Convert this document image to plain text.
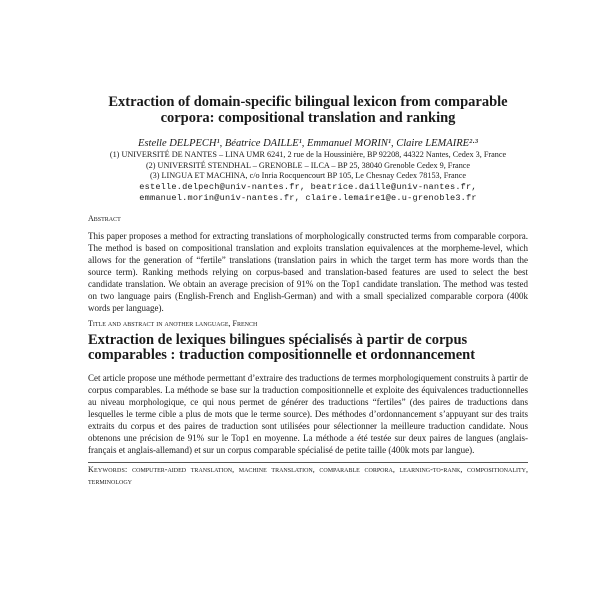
Extraction of domain-specific bilingual lexicon from comparable corpora: compositional translation and ranking
Estelle DELPECH¹, Béatrice DAILLE¹, Emmanuel MORIN¹, Claire LEMAIRE²·³
(1) UNIVERSITÉ DE NANTES – LINA UMR 6241, 2 rue de la Houssinière, BP 92208, 44322 Nantes, Cedex 3, France
(2) UNIVERSITÉ STENDHAL – GRENOBLE – ILCA – BP 25, 38040 Grenoble Cedex 9, France
(3) LINGUA ET MACHINA, c/o Inria Rocquencourt BP 105, Le Chesnay Cedex 78153, France
estelle.delpech@univ-nantes.fr, beatrice.daille@univ-nantes.fr,
emmanuel.morin@univ-nantes.fr, claire.lemaire1@e.u-grenoble3.fr
Abstract
This paper proposes a method for extracting translations of morphologically constructed terms from comparable corpora. The method is based on compositional translation and exploits translation equivalences at the morpheme-level, which allows for the generation of “fertile” translations (translation pairs in which the target term has more words than the source term). Ranking methods relying on corpus-based and translation-based features are used to select the best candidate translation. We obtain an average precision of 91% on the Top1 candidate translation. The method was tested on two language pairs (English-French and English-German) and with a small specialized comparable corpora (400k words per language).
Title and abstract in another language, French
Extraction de lexiques bilingues spécialisés à partir de corpus comparables : traduction compositionnelle et ordonnancement
Cet article propose une méthode permettant d’extraire des traductions de termes morphologiquement construits à partir de corpus comparables. La méthode se base sur la traduction compositionnelle et exploite des équivalences traductionnelles au niveau morphologique, ce qui nous permet de générer des traductions “fertiles” (des paires de traductions dans lesquelles le terme cible a plus de mots que le terme source). Des méthodes d’ordonnancement s’appuyant sur des traits extraits du corpus et des paires de traduction sont utilisées pour sélectionner la meilleure traduction candidate. Nous obtenons une précision de 91% sur le Top1 en moyenne. La méthode a été testée sur deux paires de langues (anglais-français et anglais-allemand) et sur un corpus comparable spécialisé de petite taille (400k mots par langue).
Keywords: computer-aided translation, machine translation, comparable corpora, learning-to-rank, compositionality, terminology
